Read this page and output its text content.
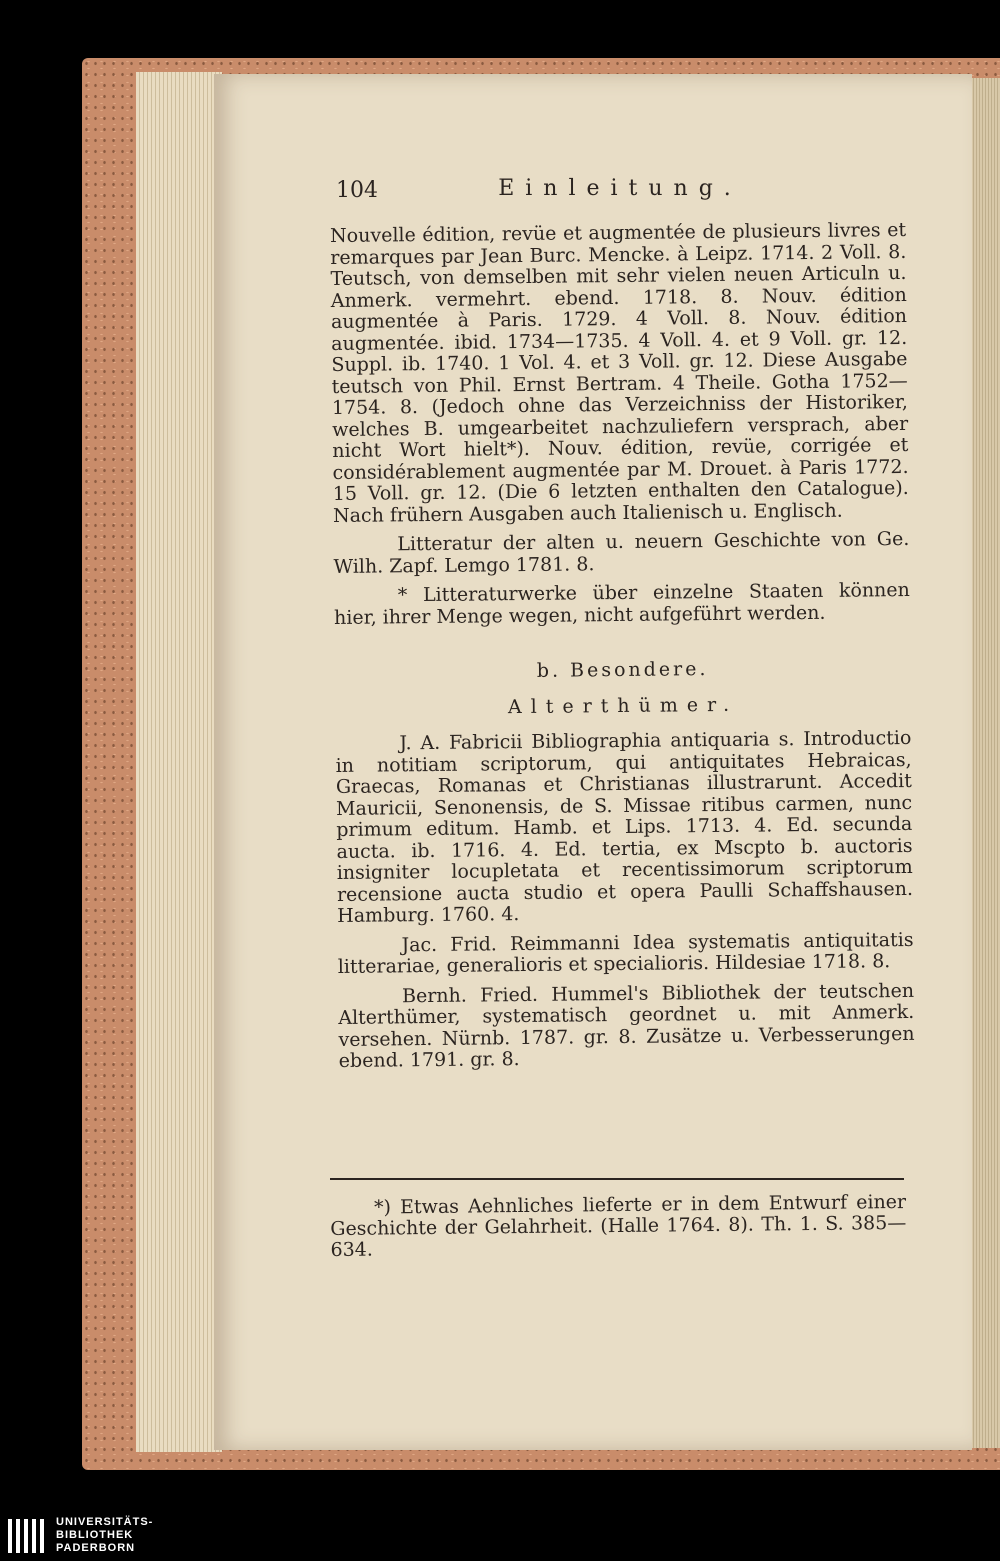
104	Einleitung.

Nouvelle édition, revüe et augmentée de plusieurs livres et remarques par Jean Burc. Mencke. à Leipz. 1714. 2 Voll. 8. Teutsch, von demselben mit sehr vielen neuen Articuln u. Anmerk. vermehrt. ebend. 1718. 8. Nouv. édition augmentée à Paris. 1729. 4 Voll. 8. Nouv. édition augmentée. ibid. 1734—1735. 4 Voll. 4. et 9 Voll. gr. 12. Suppl. ib. 1740. 1 Vol. 4. et 3 Voll. gr. 12. Diese Ausgabe teutsch von Phil. Ernst Bertram. 4 Theile. Gotha 1752—1754. 8. (Jedoch ohne das Verzeichniss der Historiker, welches B. umgearbeitet nachzuliefern versprach, aber nicht Wort hielt*). Nouv. édition, revüe, corrigée et considérablement augmentée par M. Drouet. à Paris 1772. 15 Voll. gr. 12. (Die 6 letzten enthalten den Catalogue). Nach frühern Ausgaben auch Italienisch u. Englisch.

Litteratur der alten u. neuern Geschichte von Ge. Wilh. Zapf. Lemgo 1781. 8.

* Litteraturwerke über einzelne Staaten können hier, ihrer Menge wegen, nicht aufgeführt werden.

b. Besondere.

Alterthümer.

J. A. Fabricii Bibliographia antiquaria s. Introductio in notitiam scriptorum, qui antiquitates Hebraicas, Graecas, Romanas et Christianas illustrarunt. Accedit Mauricii, Senonensis, de S. Missae ritibus carmen, nunc primum editum. Hamb. et Lips. 1713. 4. Ed. secunda aucta. ib. 1716. 4. Ed. tertia, ex Mscpto b. auctoris insigniter locupletata et recentissimorum scriptorum recensione aucta studio et opera Paulli Schaffshausen. Hamburg. 1760. 4.

Jac. Frid. Reimmanni Idea systematis antiquitatis litterariae, generalioris et specialioris. Hildesiae 1718. 8.

Bernh. Fried. Hummel's Bibliothek der teutschen Alterthümer, systematisch geordnet u. mit Anmerk. versehen. Nürnb. 1787. gr. 8. Zusätze u. Verbesserungen ebend. 1791. gr. 8.

*) Etwas Aehnliches lieferte er in dem Entwurf einer Geschichte der Gelahrheit. (Halle 1764. 8). Th. 1. S. 385—634.
UNIVERSITÄTS-
BIBLIOTHEK
PADERBORN
